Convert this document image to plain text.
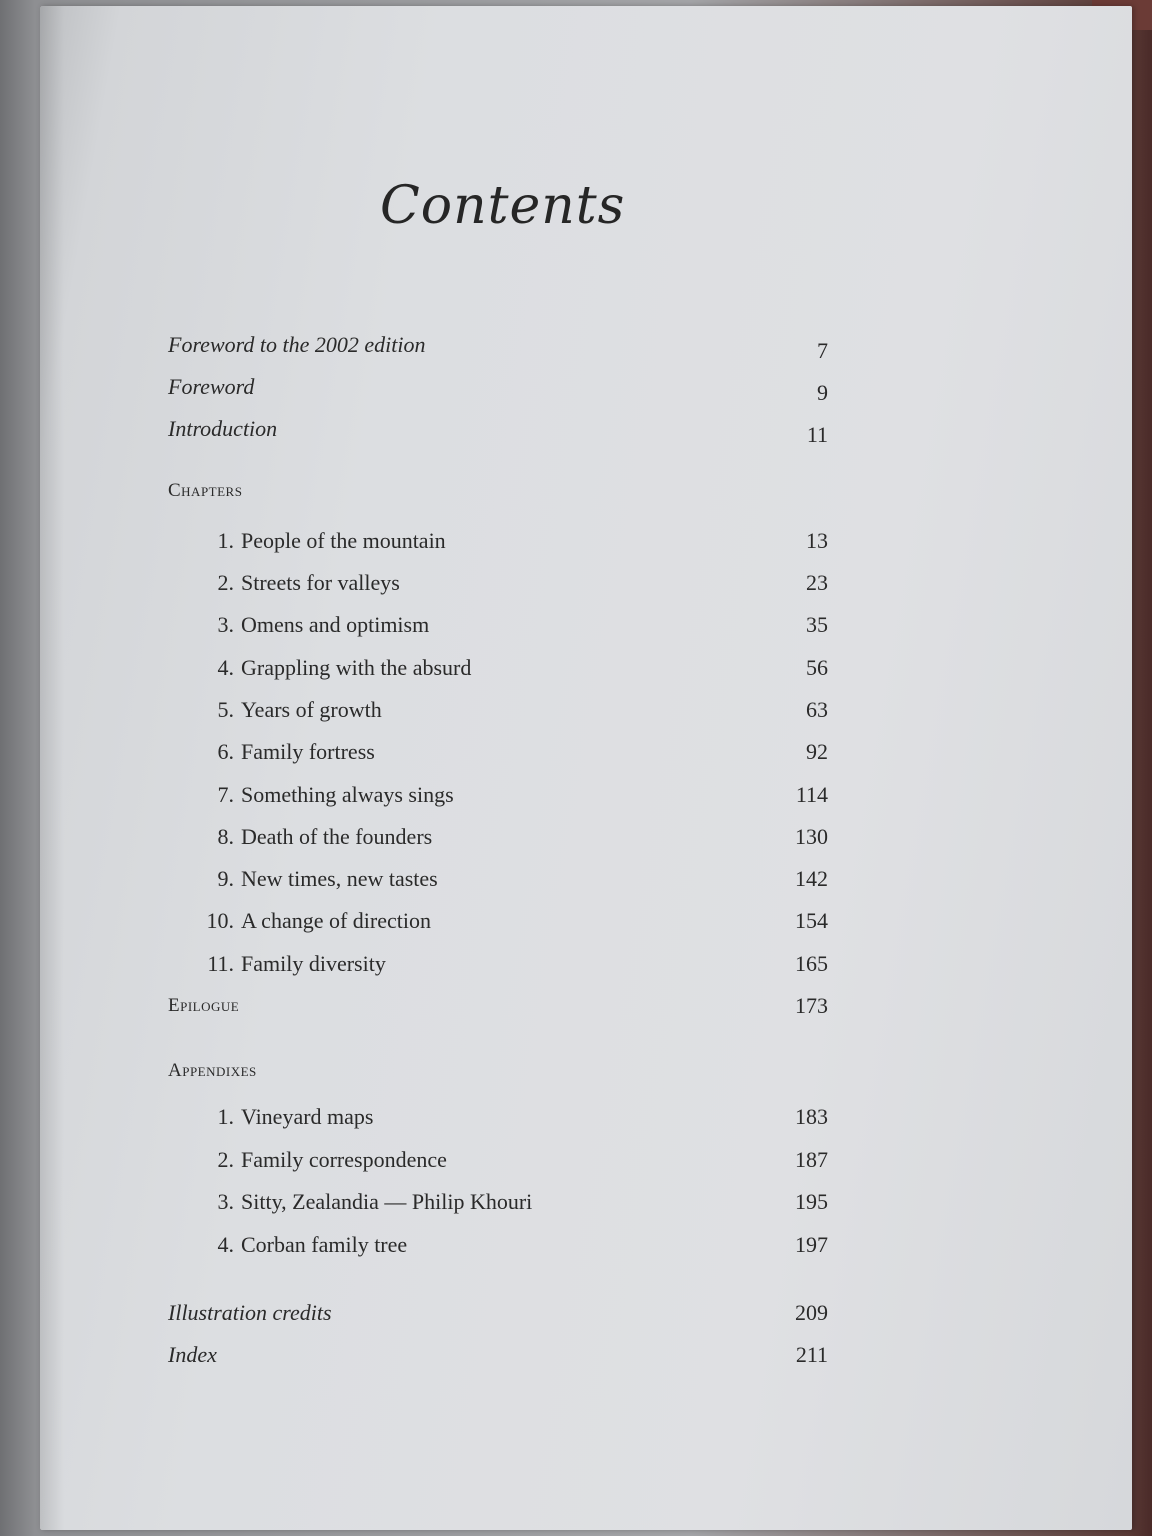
Contents
Foreword to the 2002 edition	7
Foreword	9
Introduction	11
Chapters
1. People of the mountain	13
2. Streets for valleys	23
3. Omens and optimism	35
4. Grappling with the absurd	56
5. Years of growth	63
6. Family fortress	92
7. Something always sings	114
8. Death of the founders	130
9. New times, new tastes	142
10. A change of direction	154
11. Family diversity	165
Epilogue	173
Appendixes
1. Vineyard maps	183
2. Family correspondence	187
3. Sitty, Zealandia — Philip Khouri	195
4. Corban family tree	197
Illustration credits	209
Index	211
